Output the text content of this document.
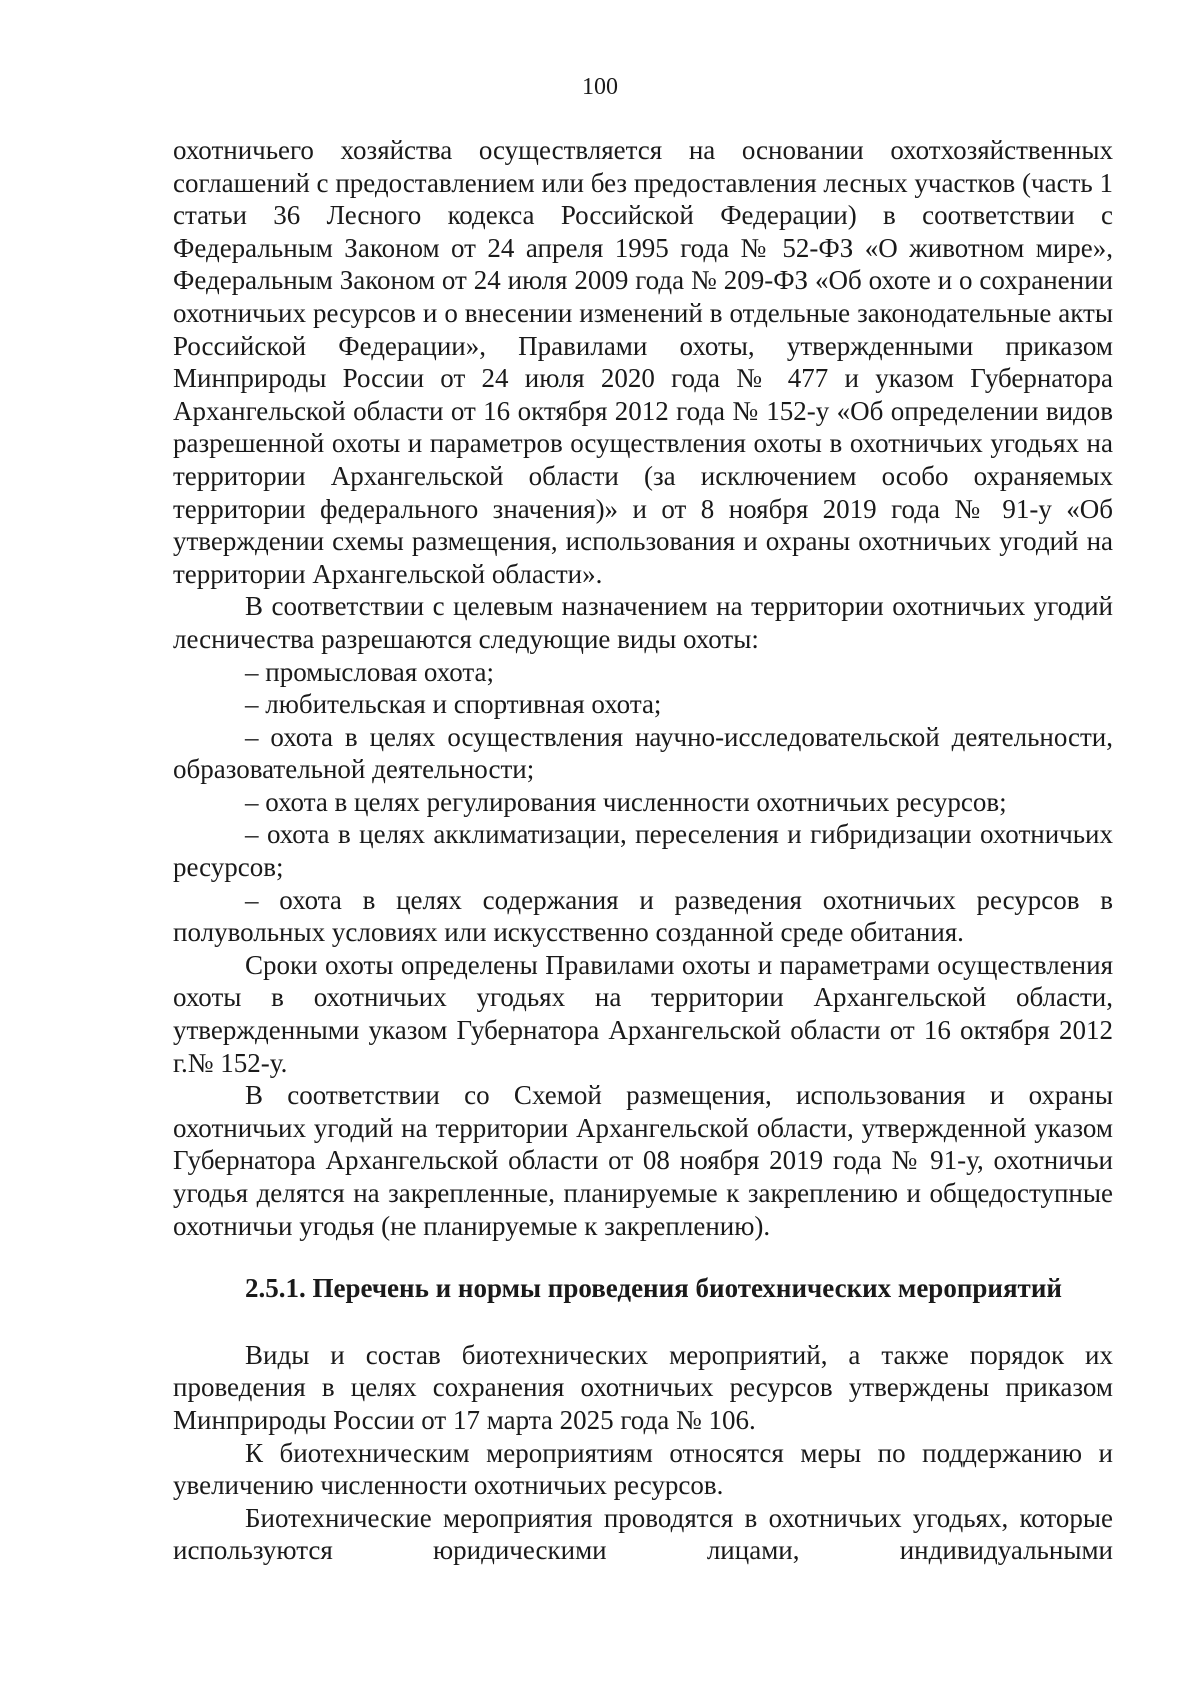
100

охотничьего хозяйства осуществляется на основании охотхозяйственных соглашений с предоставлением или без предоставления лесных участков (часть 1 статьи 36 Лесного кодекса Российской Федерации) в соответствии с Федеральным Законом от 24 апреля 1995 года № 52-ФЗ «О животном мире», Федеральным Законом от 24 июля 2009 года № 209-ФЗ «Об охоте и о сохранении охотничьих ресурсов и о внесении изменений в отдельные законодательные акты Российской Федерации», Правилами охоты, утвержденными приказом Минприроды России от 24 июля 2020 года № 477 и указом Губернатора Архангельской области от 16 октября 2012 года № 152-у «Об определении видов разрешенной охоты и параметров осуществления охоты в охотничьих угодьях на территории Архангельской области (за исключением особо охраняемых территории федерального значения)» и от 8 ноября 2019 года № 91-у «Об утверждении схемы размещения, использования и охраны охотничьих угодий на территории Архангельской области».

В соответствии с целевым назначением на территории охотничьих угодий лесничества разрешаются следующие виды охоты:

– промысловая охота;

– любительская и спортивная охота;

– охота в целях осуществления научно-исследовательской деятельности, образовательной деятельности;

– охота в целях регулирования численности охотничьих ресурсов;

– охота в целях акклиматизации, переселения и гибридизации охотничьих ресурсов;

– охота в целях содержания и разведения охотничьих ресурсов в полувольных условиях или искусственно созданной среде обитания.

Сроки охоты определены Правилами охоты и параметрами осуществления охоты в охотничьих угодьях на территории Архангельской области, утвержденными указом Губернатора Архангельской области от 16 октября 2012 г.№ 152-у.

В соответствии со Схемой размещения, использования и охраны охотничьих угодий на территории Архангельской области, утвержденной указом Губернатора Архангельской области от 08 ноября 2019 года № 91-у, охотничьи угодья делятся на закрепленные, планируемые к закреплению и общедоступные охотничьи угодья (не планируемые к закреплению).

2.5.1. Перечень и нормы проведения биотехнических мероприятий

Виды и состав биотехнических мероприятий, а также порядок их проведения в целях сохранения охотничьих ресурсов утверждены приказом Минприроды России от 17 марта 2025 года № 106.

К биотехническим мероприятиям относятся меры по поддержанию и увеличению численности охотничьих ресурсов.

Биотехнические мероприятия проводятся в охотничьих угодьях, которые используются юридическими лицами, индивидуальными
